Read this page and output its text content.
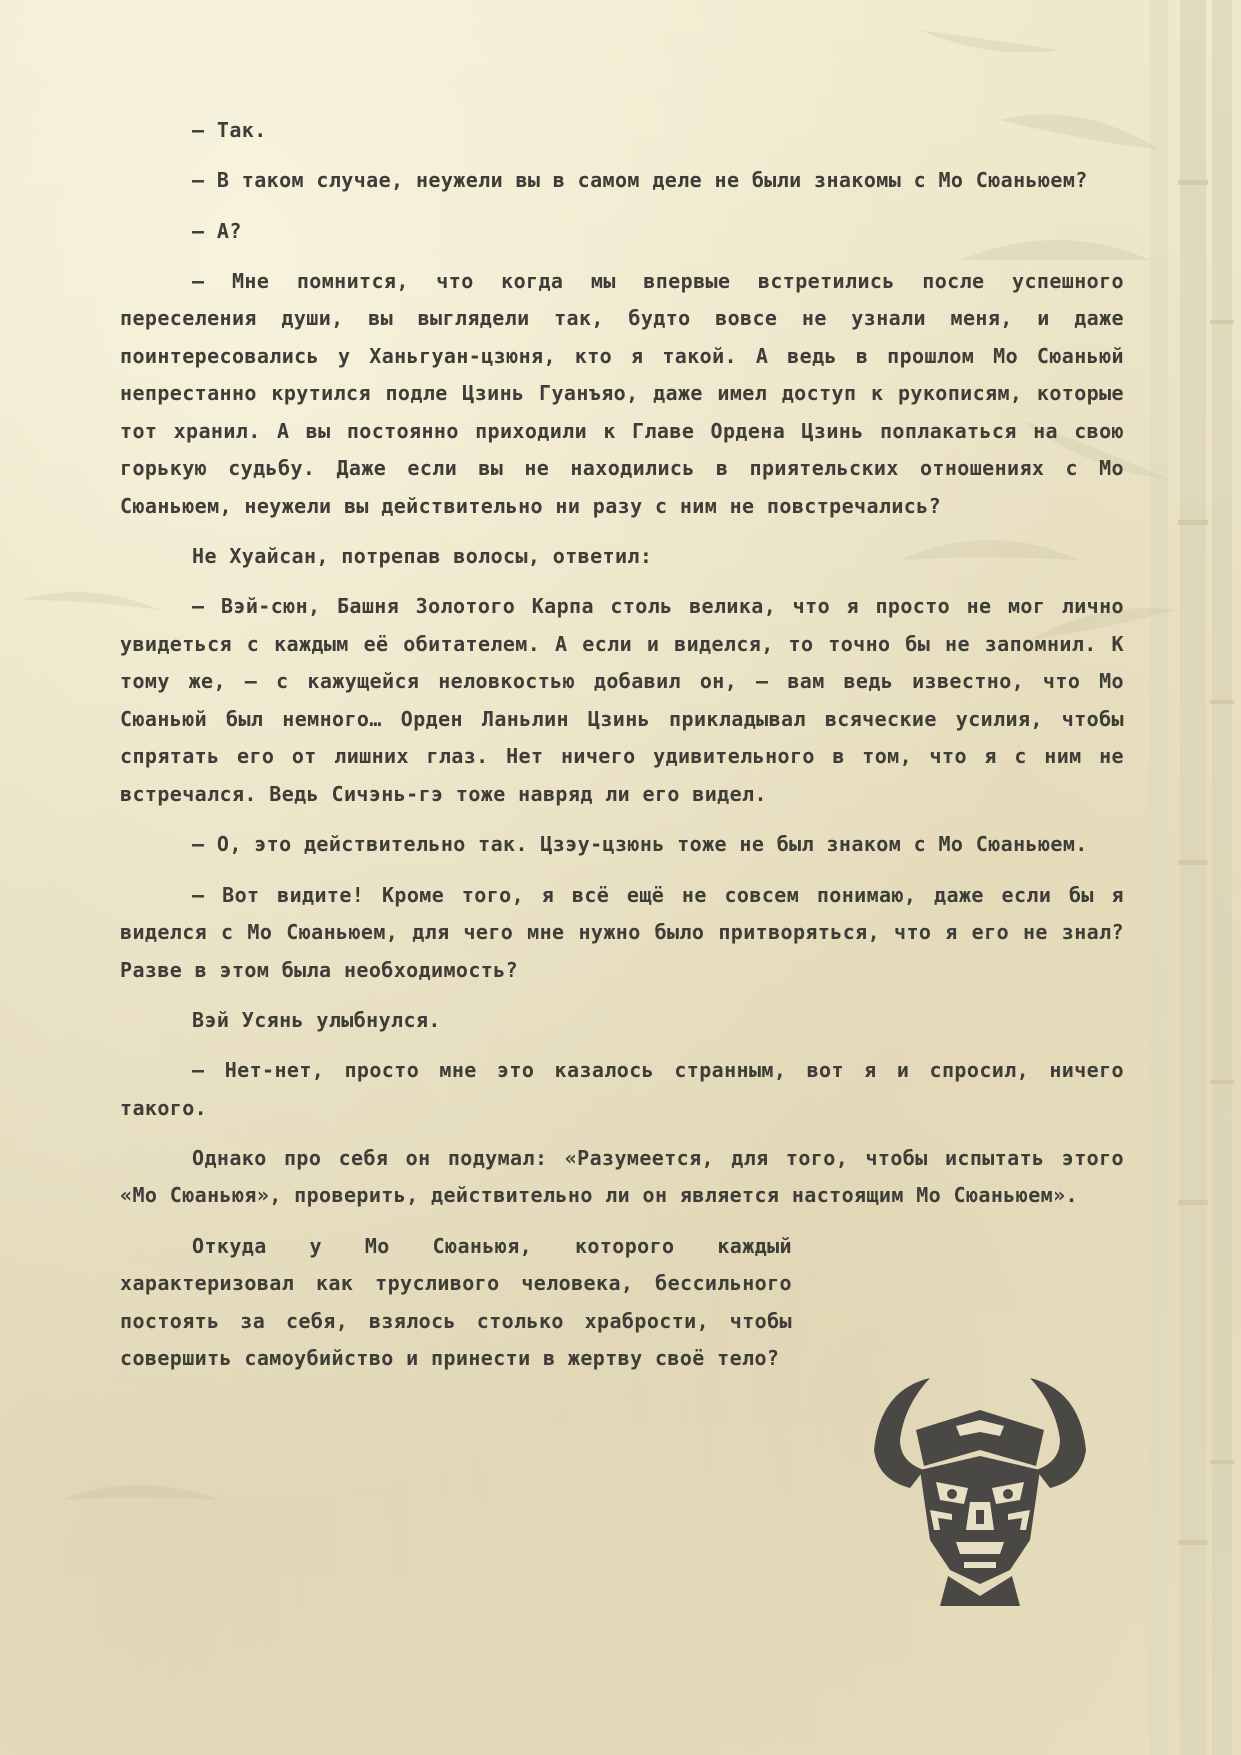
— Так.

— В таком случае, неужели вы в самом деле не были знакомы с Мо Сюаньюем?

— А?

— Мне помнится, что когда мы впервые встретились после успешного переселения души, вы выглядели так, будто вовсе не узнали меня, и даже поинтересовались у Ханьгуан-цзюня, кто я такой. А ведь в прошлом Мо Сюаньюй непрестанно крутился подле Цзинь Гуанъяо, даже имел доступ к рукописям, которые тот хранил. А вы постоянно приходили к Главе Ордена Цзинь поплакаться на свою горькую судьбу. Даже если вы не находились в приятельских отношениях с Мо Сюаньюем, неужели вы действительно ни разу с ним не повстречались?

Не Хуайсан, потрепав волосы, ответил:

— Вэй-сюн, Башня Золотого Карпа столь велика, что я просто не мог лично увидеться с каждым её обитателем. А если и виделся, то точно бы не запомнил. К тому же, — с кажущейся неловкостью добавил он, — вам ведь известно, что Мо Сюаньюй был немного… Орден Ланьлин Цзинь прикладывал всяческие усилия, чтобы спрятать его от лишних глаз. Нет ничего удивительного в том, что я с ним не встречался. Ведь Сичэнь-гэ тоже навряд ли его видел.

— О, это действительно так. Цзэу-цзюнь тоже не был знаком с Мо Сюаньюем.

— Вот видите! Кроме того, я всё ещё не совсем понимаю, даже если бы я виделся с Мо Сюаньюем, для чего мне нужно было притворяться, что я его не знал? Разве в этом была необходимость?

Вэй Усянь улыбнулся.

— Нет-нет, просто мне это казалось странным, вот я и спросил, ничего такого.

Однако про себя он подумал: «Разумеется, для того, чтобы испытать этого «Мо Сюаньюя», проверить, действительно ли он является настоящим Мо Сюаньюем».

Откуда у Мо Сюаньюя, которого каждый характеризовал как трусливого человека, бессильного постоять за себя, взялось столько храбрости, чтобы совершить самоубийство и принести в жертву своё тело?
